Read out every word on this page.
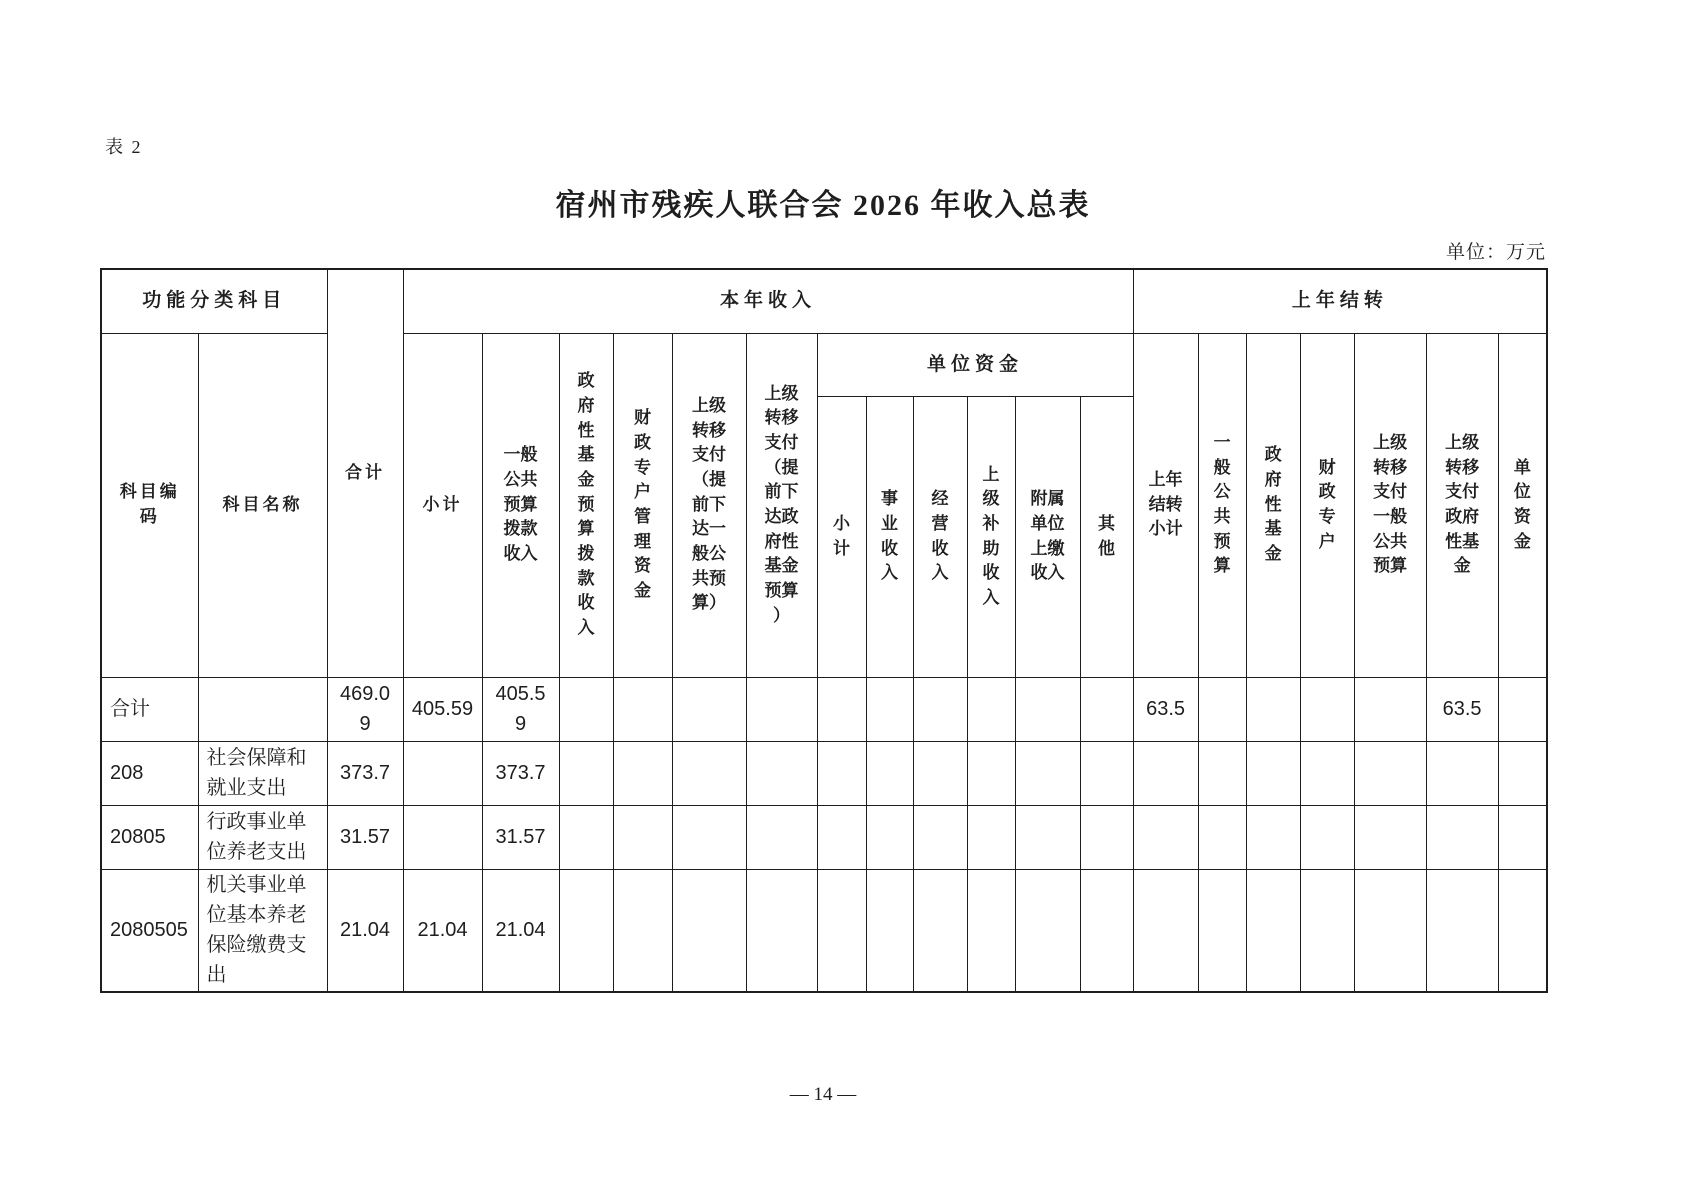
表 2
宿州市残疾人联合会 2026 年收入总表
单位：万元
功能分类科目		合计	本年收入												上年结转						
科目编码	科目名称		小计	一般公共预算拨款收入	政府性基金预算拨款收入	财政专户管理资金	上级转移支付（提前下达一般公共预算）	上级转移支付（提前下达政府性基金预算）	单位资金						上年结转小计	一般公共预算	政府性基金	财政专户	上级转移支付一般公共预算	上级转移支付政府性基金	单位资金
									小计	事业收入	经营收入	上级补助收入	附属单位上缴收入	其他							
合计		469.09	405.59	405.59											63.5					63.5	
208	社会保障和就业支出	373.7		373.7																	
20805	行政事业单位养老支出	31.57		31.57																	
2080505	机关事业单位基本养老保险缴费支出	21.04	21.04	21.04																	
— 14 —
